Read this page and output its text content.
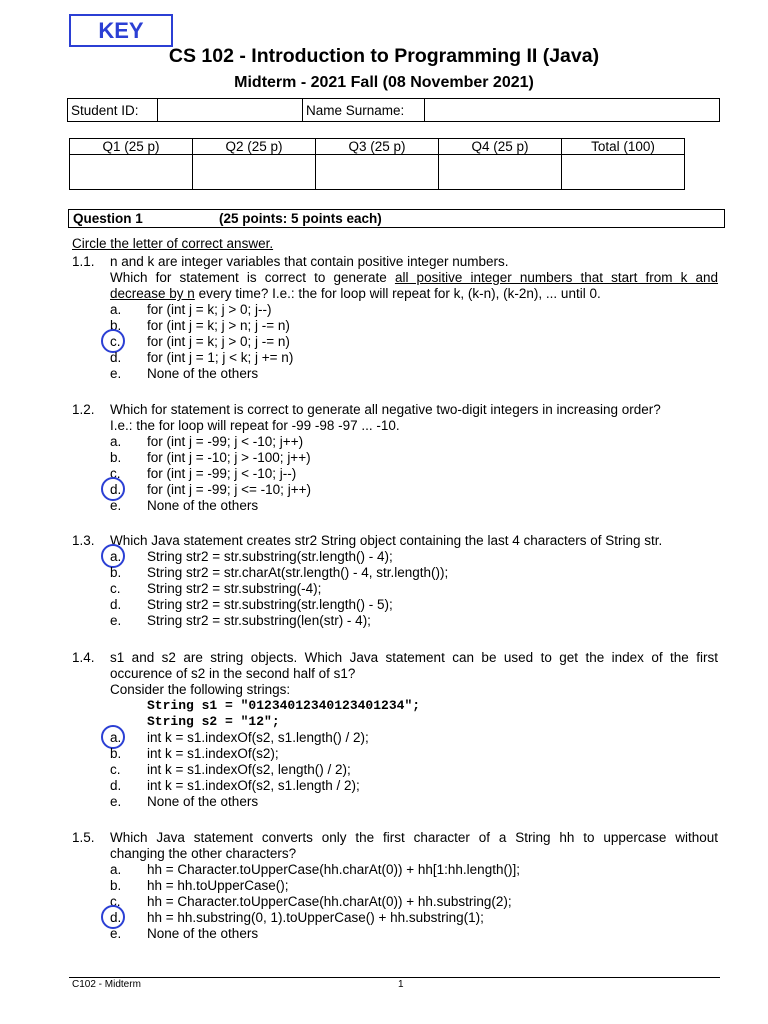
KEY
CS 102 - Introduction to Programming II (Java)
Midterm - 2021 Fall (08 November 2021)
Student ID:		Name Surname:	
Q1 (25 p)	Q2 (25 p)	Q3 (25 p)	Q4 (25 p)	Total (100)

Question 1	(25 points: 5 points each)
Circle the letter of correct answer.
1.1. n and k are integer variables that contain positive integer numbers.
Which for statement is correct to generate all positive integer numbers that start from k and
decrease by n every time? I.e.: the for loop will repeat for k, (k-n), (k-2n), ... until 0.
a. for (int j = k; j > 0; j--)
b. for (int j = k; j > n; j -= n)
c. for (int j = k; j > 0; j -= n)
d. for (int j = 1; j < k; j += n)
e. None of the others
1.2. Which for statement is correct to generate all negative two-digit integers in increasing order?
I.e.: the for loop will repeat for -99 -98 -97 ... -10.
a. for (int j = -99; j < -10; j++)
b. for (int j = -10; j > -100; j++)
c. for (int j = -99; j < -10; j--)
d. for (int j = -99; j <= -10; j++)
e. None of the others
1.3. Which Java statement creates str2 String object containing the last 4 characters of String str.
a. String str2 = str.substring(str.length() - 4);
b. String str2 = str.charAt(str.length() - 4, str.length());
c. String str2 = str.substring(-4);
d. String str2 = str.substring(str.length() - 5);
e. String str2 = str.substring(len(str) - 4);
1.4. s1 and s2 are string objects. Which Java statement can be used to get the index of the first
occurence of s2 in the second half of s1?
Consider the following strings:
String s1 = "01234012340123401234";
String s2 = "12";
a. int k = s1.indexOf(s2, s1.length() / 2);
b. int k = s1.indexOf(s2);
c. int k = s1.indexOf(s2, length() / 2);
d. int k = s1.indexOf(s2, s1.length / 2);
e. None of the others
1.5. Which Java statement converts only the first character of a String hh to uppercase without
changing the other characters?
a. hh = Character.toUpperCase(hh.charAt(0)) + hh[1:hh.length()];
b. hh = hh.toUpperCase();
c. hh = Character.toUpperCase(hh.charAt(0)) + hh.substring(2);
d. hh = hh.substring(0, 1).toUpperCase() + hh.substring(1);
e. None of the others
C102 - Midterm	1
